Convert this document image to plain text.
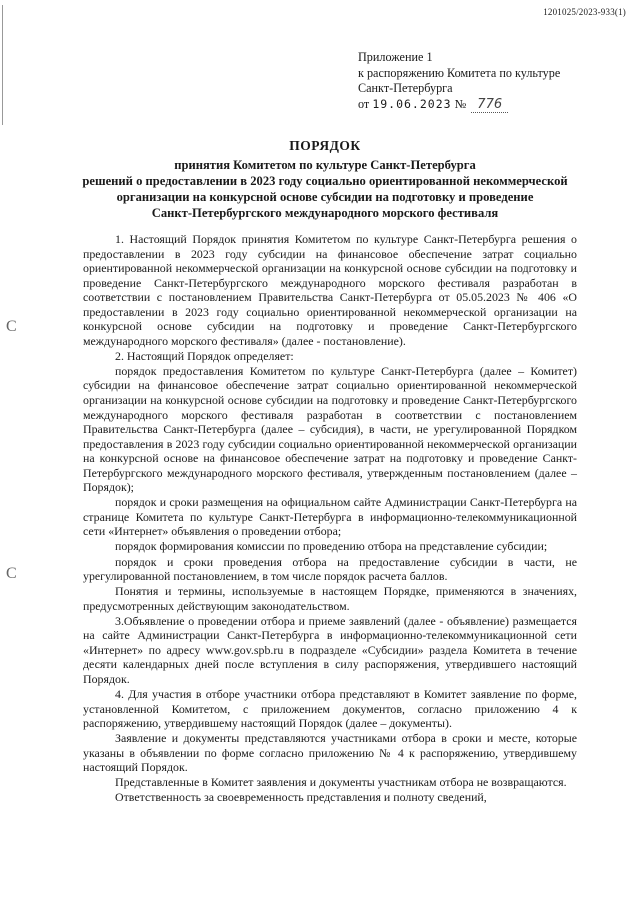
1201025/2023-933(1)
Приложение 1
к распоряжению Комитета по культуре
Санкт-Петербурга
от 19.06.2023 № 776
ПОРЯДОК
принятия Комитетом по культуре Санкт-Петербурга
решений о предоставлении в 2023 году социально ориентированной некоммерческой
организации на конкурсной основе субсидии на подготовку и проведение
Санкт-Петербургского международного морского фестиваля
С
С

1. Настоящий Порядок принятия Комитетом по культуре Санкт-Петербурга решения о предоставлении в 2023 году субсидии на финансовое обеспечение затрат социально ориентированной некоммерческой организации на конкурсной основе субсидии на подготовку и проведение Санкт-Петербургского международного морского фестиваля разработан в соответствии с постановлением Правительства Санкт-Петербурга от 05.05.2023 № 406 «О предоставлении в 2023 году социально ориентированной некоммерческой организации на конкурсной основе субсидии на подготовку и проведение Санкт-Петербургского международного морского фестиваля» (далее - постановление).

2. Настоящий Порядок определяет:

порядок предоставления Комитетом по культуре Санкт-Петербурга (далее – Комитет) субсидии на финансовое обеспечение затрат социально ориентированной некоммерческой организации на конкурсной основе субсидии на подготовку и проведение Санкт-Петербургского международного морского фестиваля разработан в соответствии с постановлением Правительства Санкт-Петербурга (далее – субсидия), в части, не урегулированной Порядком предоставления в 2023 году субсидии социально ориентированной некоммерческой организации на конкурсной основе на финансовое обеспечение затрат на подготовку и проведение Санкт-Петербургского международного морского фестиваля, утвержденным постановлением (далее – Порядок);

порядок и сроки размещения на официальном сайте Администрации Санкт-Петербурга на странице Комитета по культуре Санкт-Петербурга в информационно-телекоммуникационной сети «Интернет» объявления о проведении отбора;

порядок формирования комиссии по проведению отбора на представление субсидии;

порядок и сроки проведения отбора на предоставление субсидии в части, не урегулированной постановлением, в том числе порядок расчета баллов.

Понятия и термины, используемые в настоящем Порядке, применяются в значениях, предусмотренных действующим законодательством.

3.Объявление о проведении отбора и приеме заявлений (далее - объявление) размещается на сайте Администрации Санкт-Петербурга в информационно-телекоммуникационной сети «Интернет» по адресу www.gov.spb.ru в подразделе «Субсидии» раздела Комитета в течение десяти календарных дней после вступления в силу распоряжения, утвердившего настоящий Порядок.

4. Для участия в отборе участники отбора представляют в Комитет заявление по форме, установленной Комитетом, с приложением документов, согласно приложению 4 к распоряжению, утвердившему настоящий Порядок (далее – документы).

Заявление и документы представляются участниками отбора в сроки и месте, которые указаны в объявлении по форме согласно приложению № 4 к распоряжению, утвердившему настоящий Порядок.

Представленные в Комитет заявления и документы участникам отбора не возвращаются.

Ответственность за своевременность представления и полноту сведений,
